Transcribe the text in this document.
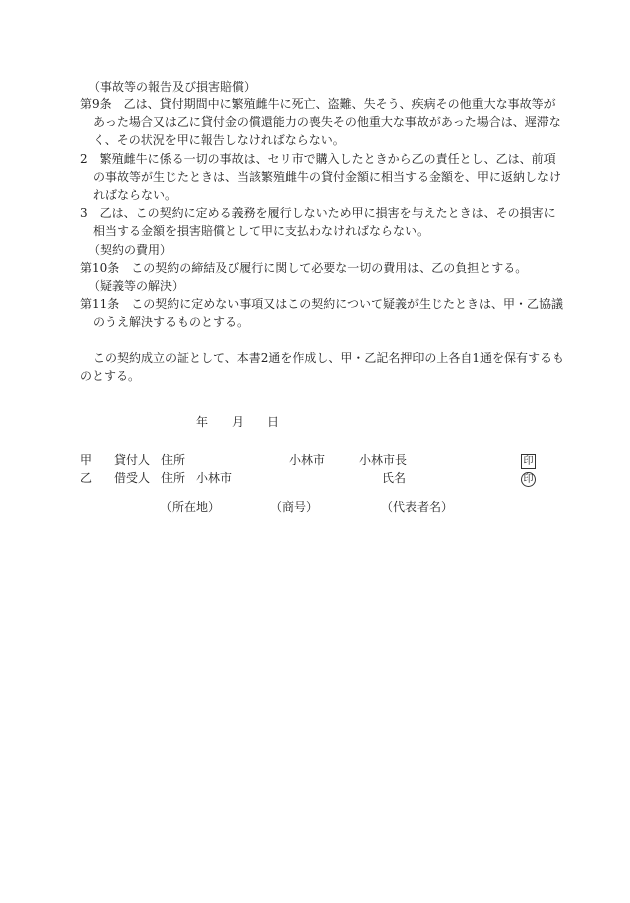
（事故等の報告及び損害賠償）
第9条　乙は、貸付期間中に繁殖雌牛に死亡、盗難、失そう、疾病その他重大な事故等が
あった場合又は乙に貸付金の償還能力の喪失その他重大な事故があった場合は、遅滞な
く、その状況を甲に報告しなければならない。
2　繁殖雌牛に係る一切の事故は、セリ市で購入したときから乙の責任とし、乙は、前項
の事故等が生じたときは、当該繁殖雌牛の貸付金額に相当する金額を、甲に返納しなけ
ればならない。
3　乙は、この契約に定める義務を履行しないため甲に損害を与えたときは、その損害に
相当する金額を損害賠償として甲に支払わなければならない。
（契約の費用）
第10条　この契約の締結及び履行に関して必要な一切の費用は、乙の負担とする。
（疑義等の解決）
第11条　この契約に定めない事項又はこの契約について疑義が生じたときは、甲・乙協議
のうえ解決するものとする。
この契約成立の証として、本書2通を作成し、甲・乙記名押印の上各自1通を保有するも
のとする。
年 月 日
甲 貸付人 住所	小林市	小林市長	印
乙 借受人 住所 小林市	氏名	印
（所在地）	（商号）	（代表者名）
